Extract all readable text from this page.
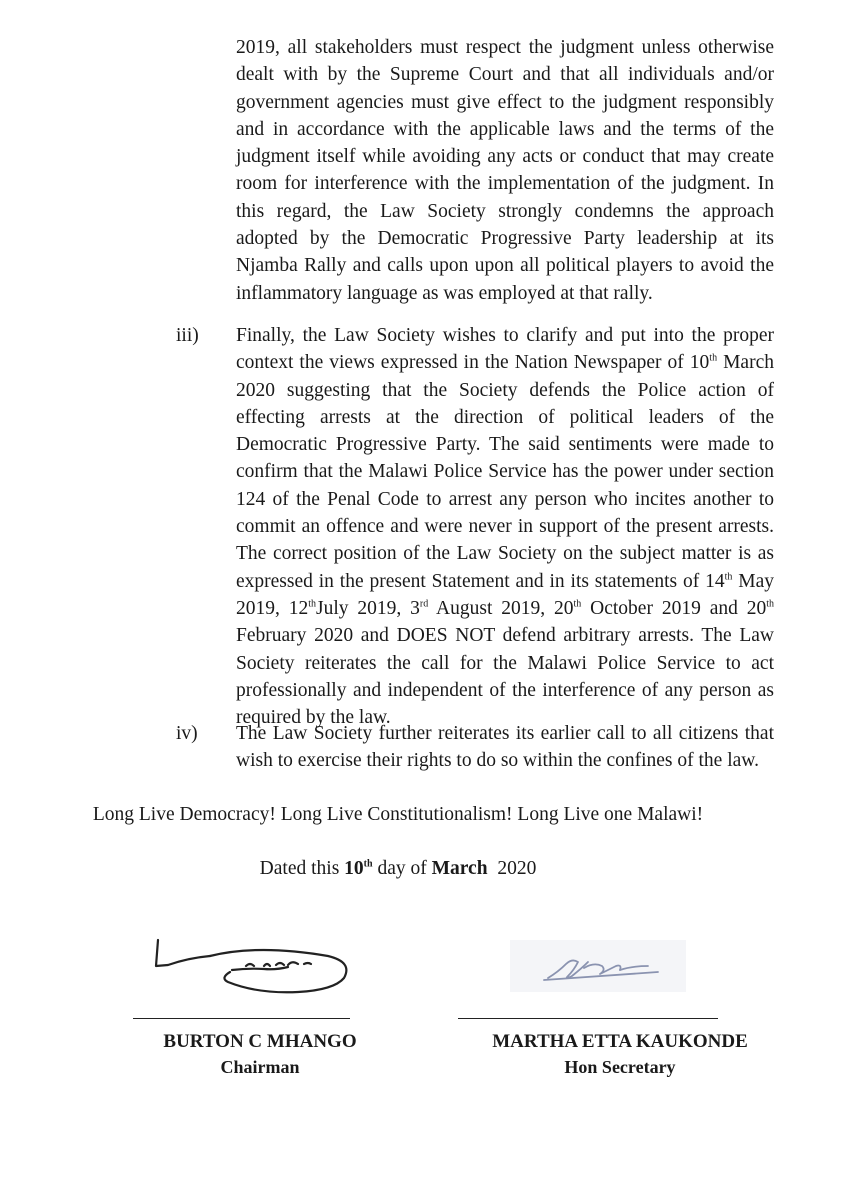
2019, all stakeholders must respect the judgment unless otherwise dealt with by the Supreme Court and that all individuals and/or government agencies must give effect to the judgment responsibly and in accordance with the applicable laws and the terms of the judgment itself while avoiding any acts or conduct that may create room for interference with the implementation of the judgment. In this regard, the Law Society strongly condemns the approach adopted by the Democratic Progressive Party leadership at its Njamba Rally and calls upon upon all political players to avoid the inflammatory language as was employed at that rally.

iii) Finally, the Law Society wishes to clarify and put into the proper context the views expressed in the Nation Newspaper of 10th March 2020 suggesting that the Society defends the Police action of effecting arrests at the direction of political leaders of the Democratic Progressive Party. The said sentiments were made to confirm that the Malawi Police Service has the power under section 124 of the Penal Code to arrest any person who incites another to commit an offence and were never in support of the present arrests. The correct position of the Law Society on the subject matter is as expressed in the present Statement and in its statements of 14th May 2019, 12thJuly 2019, 3rd August 2019, 20th October 2019 and 20th February 2020 and DOES NOT defend arbitrary arrests. The Law Society reiterates the call for the Malawi Police Service to act professionally and independent of the interference of any person as required by the law.

iv) The Law Society further reiterates its earlier call to all citizens that wish to exercise their rights to do so within the confines of the law.

Long Live Democracy! Long Live Constitutionalism! Long Live one Malawi!

Dated this 10th day of March  2020

BURTON C MHANGO

Chairman

MARTHA ETTA KAUKONDE

Hon Secretary
